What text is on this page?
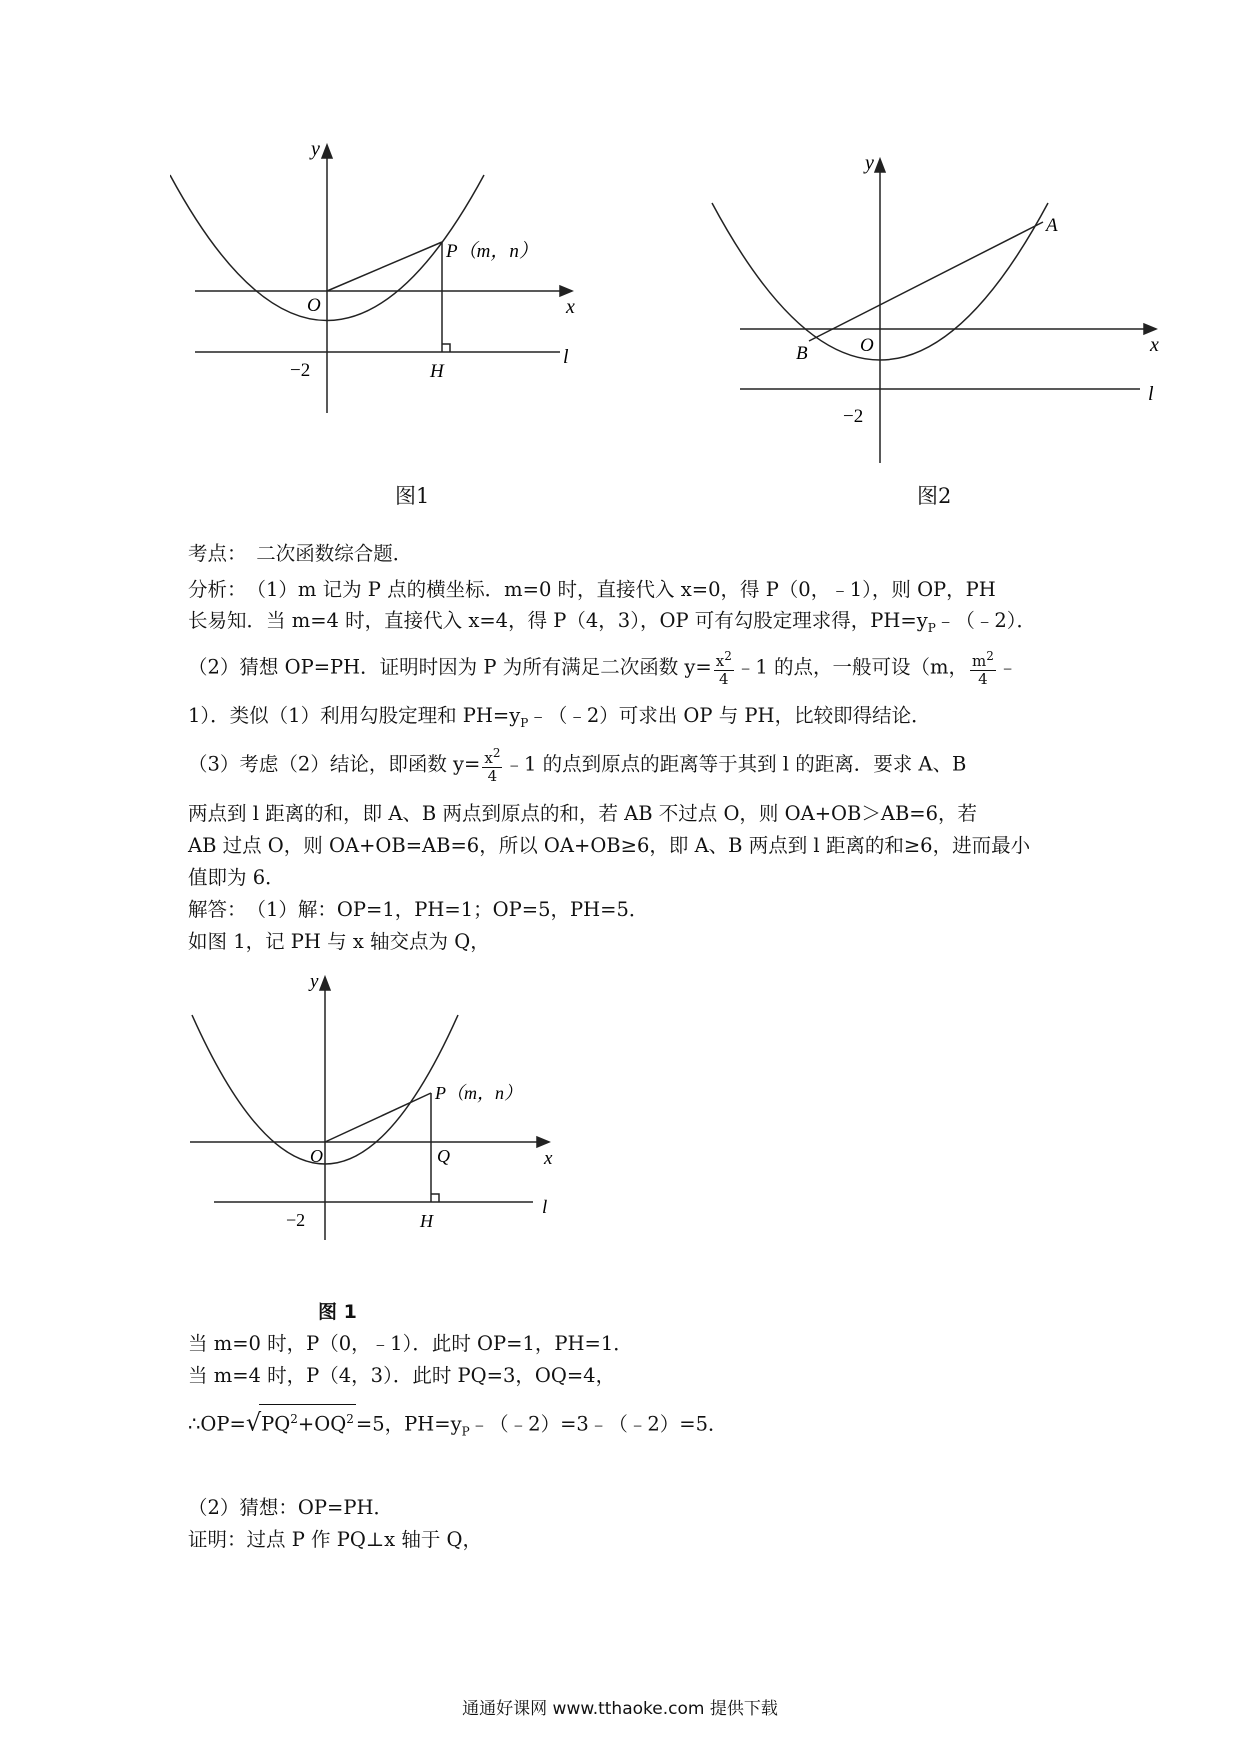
y
x
O
l
−2	H
P（m，n）
图1
y
x
O
l
−2
A
B
图2
考点：　二次函数综合题．
分析：　（1）m 记为 P 点的横坐标．m=0 时，直接代入 x=0，得 P（0，﹣1），则 OP，PH
长易知．当 m=4 时，直接代入 x=4，得 P（4，3），OP 可有勾股定理求得，$PH=y_P﹣(﹣2)$．
（2）猜想 OP=PH．证明时因为 P 为所有满足二次函数 $y= \frac{x^2}{4}$ ﹣1 的点，一般可设（m， $\frac{m^2}{4}$ ﹣
1）．类似（1）利用勾股定理和 $PH=y_P﹣(﹣2)$可求出 OP 与 PH，比较即得结论．
（3）考虑（2）结论，即函数 $y= \frac{x^2}{4}$ ﹣1 的点到原点的距离等于其到 l 的距离．要求 A、B
两点到 l 距离的和，即 A、B 两点到原点的和，若 AB 不过点 O，则 OA+OB＞AB=6，若
AB 过点 O，则 OA+OB=AB=6，所以 OA+OB≥6，即 A、B 两点到 l 距离的和≥6，进而最小
值即为 6．
解答：　（1）解：OP=1，PH=1；OP=5，PH=5．
如图 1，记 PH 与 x 轴交点为 Q，
y
x
O
l
−2	H
Q
P（m，n）
图 1
当 m=0 时，P（0，﹣1）．此时 OP=1，PH=1．
当 m=4 时，P（4，3）．此时 PQ=3，OQ=4，
$\therefore OP=√PQ^2+OQ^2 =5$，$PH=y_P﹣(﹣2)=3﹣(﹣2)=5$．
（2）猜想：OP=PH．
证明：过点 P 作 PQ⊥x 轴于 Q，
通通好课网 www.tthaoke.com 提供下载
